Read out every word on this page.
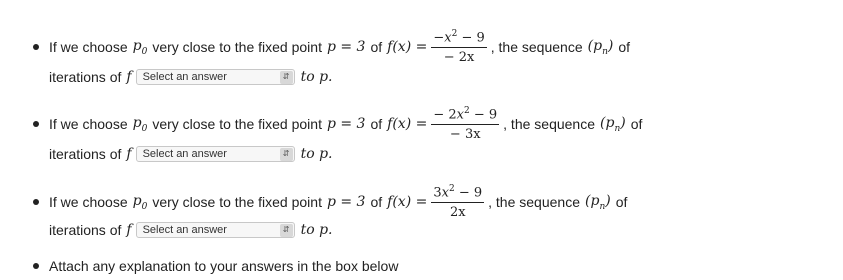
If we choose $p_0$ very close to the fixed point p = 3 of $f(x) = \frac{-x^2 - 9}{- 2x}$ , the sequence $(p_n)$ of
iterations of f Select an answer	⇵ to p.
If we choose $p_0$ very close to the fixed point p = 3 of $f(x) = \frac{- 2x^2 - 9}{- 3x}$ , the sequence $(p_n)$ of
iterations of f Select an answer	⇵ to p.
If we choose $p_0$ very close to the fixed point p = 3 of $f(x) = \frac{3x^2 - 9}{2x}$ , the sequence $(p_n)$ of
iterations of f Select an answer	⇵ to p.
Attach any explanation to your answers in the box below
